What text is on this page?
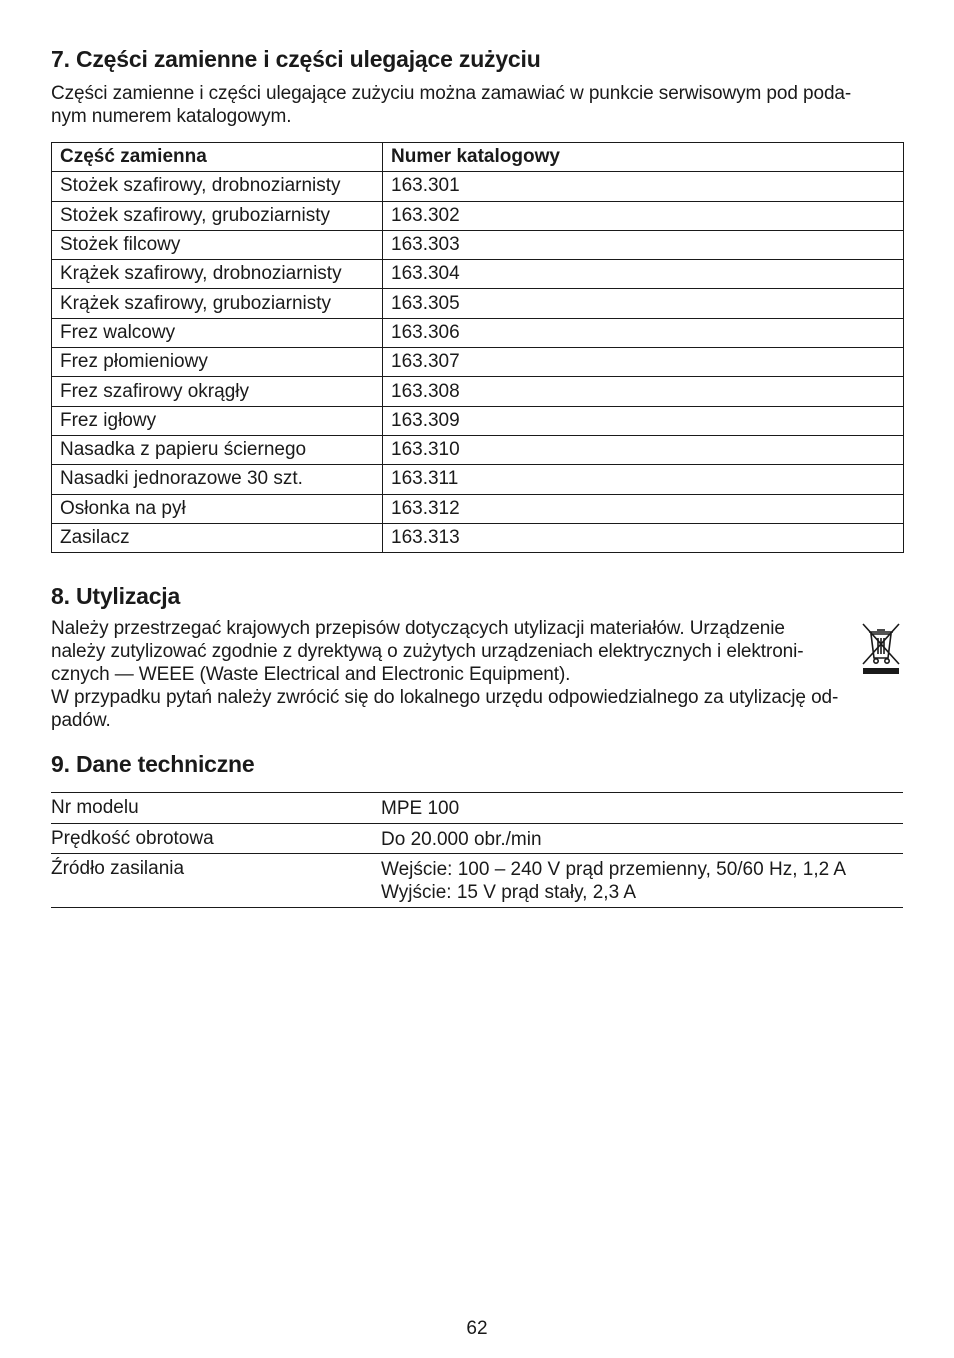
7. Części zamienne i części ulegające zużyciu

Części zamienne i części ulegające zużyciu można zamawiać w punkcie serwisowym pod poda-
nym numerem katalogowym.

Część zamienna	Numer katalogowy
Stożek szafirowy, drobnoziarnisty	163.301
Stożek szafirowy, gruboziarnisty	163.302
Stożek filcowy	163.303
Krążek szafirowy, drobnoziarnisty	163.304
Krążek szafirowy, gruboziarnisty	163.305
Frez walcowy	163.306
Frez płomieniowy	163.307
Frez szafirowy okrągły	163.308
Frez igłowy	163.309
Nasadka z papieru ściernego	163.310
Nasadki jednorazowe 30 szt.	163.311
Osłonka na pył	163.312
Zasilacz	163.313
8. Utylizacja

Należy przestrzegać krajowych przepisów dotyczących utylizacji materiałów. Urządzenie
należy zutylizować zgodnie z dyrektywą o zużytych urządzeniach elektrycznych i elektroni-
cznych — WEEE (Waste Electrical and Electronic Equipment).
W przypadku pytań należy zwrócić się do lokalnego urzędu odpowiedzialnego za utylizację od-
padów.

9. Dane techniczne
Nr modelu	MPE 100
Prędkość obrotowa	Do 20.000 obr./min
Źródło zasilania	Wejście: 100 – 240 V prąd przemienny, 50/60 Hz, 1,2 A
Wyjście: 15 V prąd stały, 2,3 A
62
